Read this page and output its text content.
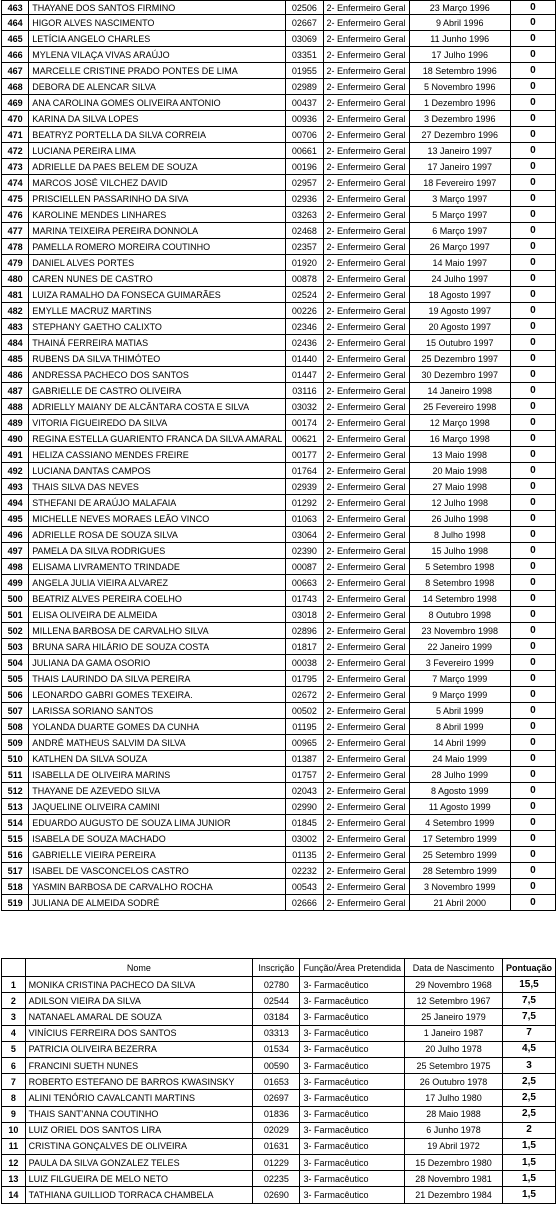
463	THAYANE DOS SANTOS FIRMINO	02506	2- Enfermeiro Geral	23 Março 1996	0
464	HIGOR ALVES NASCIMENTO	02667	2- Enfermeiro Geral	9 Abril 1996	0
465	LETÍCIA ANGELO CHARLES	03069	2- Enfermeiro Geral	11 Junho 1996	0
466	MYLENA VILAÇA VIVAS ARAÚJO	03351	2- Enfermeiro Geral	17 Julho 1996	0
467	MARCELLE CRISTINE PRADO PONTES DE LIMA	01955	2- Enfermeiro Geral	18 Setembro 1996	0
468	DEBORA DE ALENCAR SILVA	02989	2- Enfermeiro Geral	5 Novembro 1996	0
469	ANA CAROLINA GOMES OLIVEIRA ANTONIO	00437	2- Enfermeiro Geral	1 Dezembro 1996	0
470	KARINA DA SILVA LOPES	00936	2- Enfermeiro Geral	3 Dezembro 1996	0
471	BEATRYZ PORTELLA DA SILVA CORREIA	00706	2- Enfermeiro Geral	27 Dezembro 1996	0
472	LUCIANA PEREIRA LIMA	00661	2- Enfermeiro Geral	13 Janeiro 1997	0
473	ADRIELLE DA PAES BELEM DE SOUZA	00196	2- Enfermeiro Geral	17 Janeiro 1997	0
474	MARCOS JOSÉ VILCHEZ DAVID	02957	2- Enfermeiro Geral	18 Fevereiro 1997	0
475	PRISCIELLEN PASSARINHO DA SIVA	02936	2- Enfermeiro Geral	3 Março 1997	0
476	KAROLINE MENDES LINHARES	03263	2- Enfermeiro Geral	5 Março 1997	0
477	MARINA TEIXEIRA PEREIRA DONNOLA	02468	2- Enfermeiro Geral	6 Março 1997	0
478	PAMELLA ROMERO MOREIRA COUTINHO	02357	2- Enfermeiro Geral	26 Março 1997	0
479	DANIEL ALVES PORTES	01920	2- Enfermeiro Geral	14 Maio 1997	0
480	CAREN NUNES DE CASTRO	00878	2- Enfermeiro Geral	24 Julho 1997	0
481	LUIZA RAMALHO DA FONSECA GUIMARÃES	02524	2- Enfermeiro Geral	18 Agosto 1997	0
482	EMYLLE MACRUZ MARTINS	00226	2- Enfermeiro Geral	19 Agosto 1997	0
483	STEPHANY GAETHO CALIXTO	02346	2- Enfermeiro Geral	20 Agosto 1997	0
484	THAINÁ FERREIRA MATIAS	02436	2- Enfermeiro Geral	15 Outubro 1997	0
485	RUBENS DA SILVA THIMÓTEO	01440	2- Enfermeiro Geral	25 Dezembro 1997	0
486	ANDRESSA PACHECO DOS SANTOS	01447	2- Enfermeiro Geral	30 Dezembro 1997	0
487	GABRIELLE DE CASTRO OLIVEIRA	03116	2- Enfermeiro Geral	14 Janeiro 1998	0
488	ADRIELLY MAIANY DE ALCÂNTARA COSTA E SILVA	03032	2- Enfermeiro Geral	25 Fevereiro 1998	0
489	VITORIA FIGUEIREDO DA SILVA	00174	2- Enfermeiro Geral	12 Março 1998	0
490	REGINA ESTELLA GUARIENTO FRANCA DA SILVA AMARAL	00621	2- Enfermeiro Geral	16 Março 1998	0
491	HELIZA CASSIANO MENDES FREIRE	00177	2- Enfermeiro Geral	13 Maio 1998	0
492	LUCIANA DANTAS CAMPOS	01764	2- Enfermeiro Geral	20 Maio 1998	0
493	THAIS SILVA DAS NEVES	02939	2- Enfermeiro Geral	27 Maio 1998	0
494	STHEFANI DE ARAÚJO MALAFAIA	01292	2- Enfermeiro Geral	12 Julho 1998	0
495	MICHELLE NEVES MORAES LEÃO VINCO	01063	2- Enfermeiro Geral	26 Julho 1998	0
496	ADRIELLE ROSA DE SOUZA SILVA	03064	2- Enfermeiro Geral	8 Julho 1998	0
497	PAMELA DA SILVA RODRIGUES	02390	2- Enfermeiro Geral	15 Julho 1998	0
498	ELISAMA LIVRAMENTO TRINDADE	00087	2- Enfermeiro Geral	5 Setembro 1998	0
499	ANGELA JULIA VIEIRA ALVAREZ	00663	2- Enfermeiro Geral	8 Setembro 1998	0
500	BEATRIZ ALVES PEREIRA COELHO	01743	2- Enfermeiro Geral	14 Setembro 1998	0
501	ELISA OLIVEIRA DE ALMEIDA	03018	2- Enfermeiro Geral	8 Outubro 1998	0
502	MILLENA BARBOSA DE CARVALHO SILVA	02896	2- Enfermeiro Geral	23 Novembro 1998	0
503	BRUNA SARA HILÁRIO DE SOUZA COSTA	01817	2- Enfermeiro Geral	22 Janeiro 1999	0
504	JULIANA DA GAMA OSORIO	00038	2- Enfermeiro Geral	3 Fevereiro 1999	0
505	THAIS LAURINDO DA SILVA PEREIRA	01795	2- Enfermeiro Geral	7 Março 1999	0
506	LEONARDO GABRI GOMES TEXEIRA.	02672	2- Enfermeiro Geral	9 Março 1999	0
507	LARISSA SORIANO SANTOS	00502	2- Enfermeiro Geral	5 Abril 1999	0
508	YOLANDA DUARTE GOMES DA CUNHA	01195	2- Enfermeiro Geral	8 Abril 1999	0
509	ANDRÉ MATHEUS SALVIM DA SILVA	00965	2- Enfermeiro Geral	14 Abril 1999	0
510	KATLHEN DA SILVA SOUZA	01387	2- Enfermeiro Geral	24 Maio 1999	0
511	ISABELLA DE OLIVEIRA MARINS	01757	2- Enfermeiro Geral	28 Julho 1999	0
512	THAYANE DE AZEVEDO SILVA	02043	2- Enfermeiro Geral	8 Agosto 1999	0
513	JAQUELINE OLIVEIRA CAMINI	02990	2- Enfermeiro Geral	11 Agosto 1999	0
514	EDUARDO AUGUSTO DE SOUZA LIMA JUNIOR	01845	2- Enfermeiro Geral	4 Setembro 1999	0
515	ISABELA DE SOUZA MACHADO	03002	2- Enfermeiro Geral	17 Setembro 1999	0
516	GABRIELLE VIEIRA PEREIRA	01135	2- Enfermeiro Geral	25 Setembro 1999	0
517	ISABEL DE VASCONCELOS CASTRO	02232	2- Enfermeiro Geral	28 Setembro 1999	0
518	YASMIN BARBOSA DE CARVALHO ROCHA	00543	2- Enfermeiro Geral	3 Novembro 1999	0
519	JULIANA DE ALMEIDA SODRÉ	02666	2- Enfermeiro Geral	21 Abril 2000	0
	Nome	Inscrição	Função/Área Pretendida	Data de Nascimento	Pontuação
1	MONIKA CRISTINA PACHECO DA SILVA	02780	3- Farmacêutico	29 Novembro 1968	15,5
2	ADILSON VIEIRA DA SILVA	02544	3- Farmacêutico	12 Setembro 1967	7,5
3	NATANAEL AMARAL DE SOUZA	03184	3- Farmacêutico	25 Janeiro 1979	7,5
4	VINÍCIUS FERREIRA DOS SANTOS	03313	3- Farmacêutico	1 Janeiro 1987	7
5	PATRICIA OLIVEIRA BEZERRA	01534	3- Farmacêutico	20 Julho 1978	4,5
6	FRANCINI SUETH NUNES	00590	3- Farmacêutico	25 Setembro 1975	3
7	ROBERTO ESTEFANO DE BARROS KWASINSKY	01653	3- Farmacêutico	26 Outubro 1978	2,5
8	ALINI TENÓRIO CAVALCANTI MARTINS	02697	3- Farmacêutico	17 Julho 1980	2,5
9	THAIS SANT'ANNA COUTINHO	01836	3- Farmacêutico	28 Maio 1988	2,5
10	LUIZ ORIEL DOS SANTOS LIRA	02029	3- Farmacêutico	6 Junho 1978	2
11	CRISTINA GONÇALVES DE OLIVEIRA	01631	3- Farmacêutico	19 Abril 1972	1,5
12	PAULA DA SILVA GONZALEZ TELES	01229	3- Farmacêutico	15 Dezembro 1980	1,5
13	LUIZ FILGUEIRA DE MELO NETO	02235	3- Farmacêutico	28 Novembro 1981	1,5
14	TATHIANA GUILLIOD TORRACA CHAMBELA	02690	3- Farmacêutico	21 Dezembro 1984	1,5
